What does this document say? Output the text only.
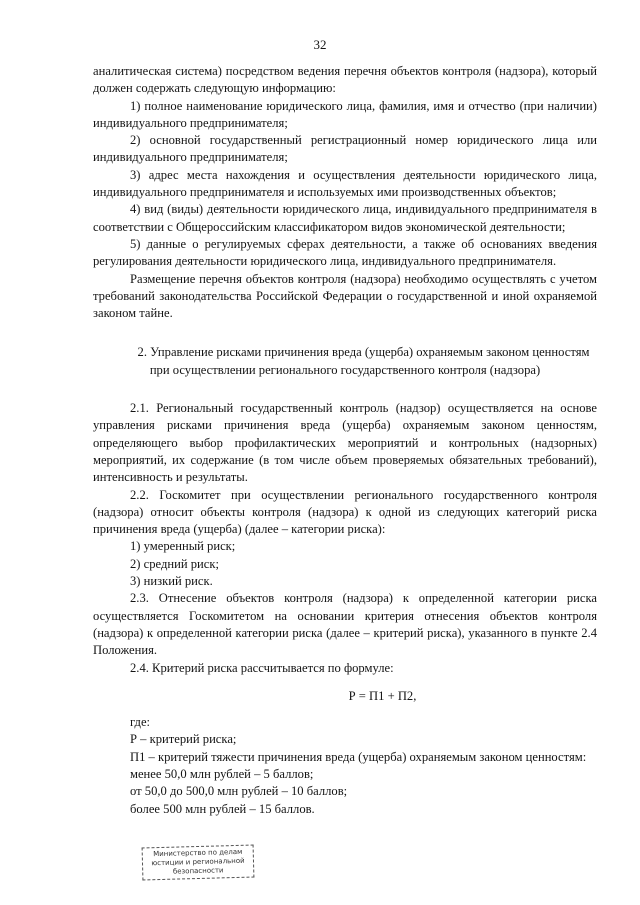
32

аналитическая система) посредством ведения перечня объектов контроля (надзора), который должен содержать следующую информацию:

1) полное наименование юридического лица, фамилия, имя и отчество (при наличии) индивидуального предпринимателя;

2) основной государственный регистрационный номер юридического лица или индивидуального предпринимателя;

3) адрес места нахождения и осуществления деятельности юридического лица, индивидуального предпринимателя и используемых ими производственных объектов;

4) вид (виды) деятельности юридического лица, индивидуального предпринимателя в соответствии с Общероссийским классификатором видов экономической деятельности;

5) данные о регулируемых сферах деятельности, а также об основаниях введения регулирования деятельности юридического лица, индивидуального предпринимателя.

Размещение перечня объектов контроля (надзора) необходимо осуществлять с учетом требований законодательства Российской Федерации о государственной и иной охраняемой законом тайне.

2. Управление рисками причинения вреда (ущерба) охраняемым законом ценностям при осуществлении регионального государственного контроля (надзора)

2.1. Региональный государственный контроль (надзор) осуществляется на основе управления рисками причинения вреда (ущерба) охраняемым законом ценностям, определяющего выбор профилактических мероприятий и контрольных (надзорных) мероприятий, их содержание (в том числе объем проверяемых обязательных требований), интенсивность и результаты.

2.2. Госкомитет при осуществлении регионального государственного контроля (надзора) относит объекты контроля (надзора) к одной из следующих категорий риска причинения вреда (ущерба) (далее – категории риска):

1) умеренный риск;

2) средний риск;

3) низкий риск.

2.3. Отнесение объектов контроля (надзора) к определенной категории риска осуществляется Госкомитетом на основании критерия отнесения объектов контроля (надзора) к определенной категории риска (далее – критерий риска), указанного в пункте 2.4 Положения.

2.4. Критерий риска рассчитывается по формуле:

Р = П1 + П2,

где:

Р – критерий риска;

П1 – критерий тяжести причинения вреда (ущерба) охраняемым законом ценностям:

менее 50,0 млн рублей – 5 баллов;

от 50,0 до 500,0 млн рублей – 10 баллов;

более 500 млн рублей – 15 баллов.

Министерство по делам
юстиции и региональной
безопасности
